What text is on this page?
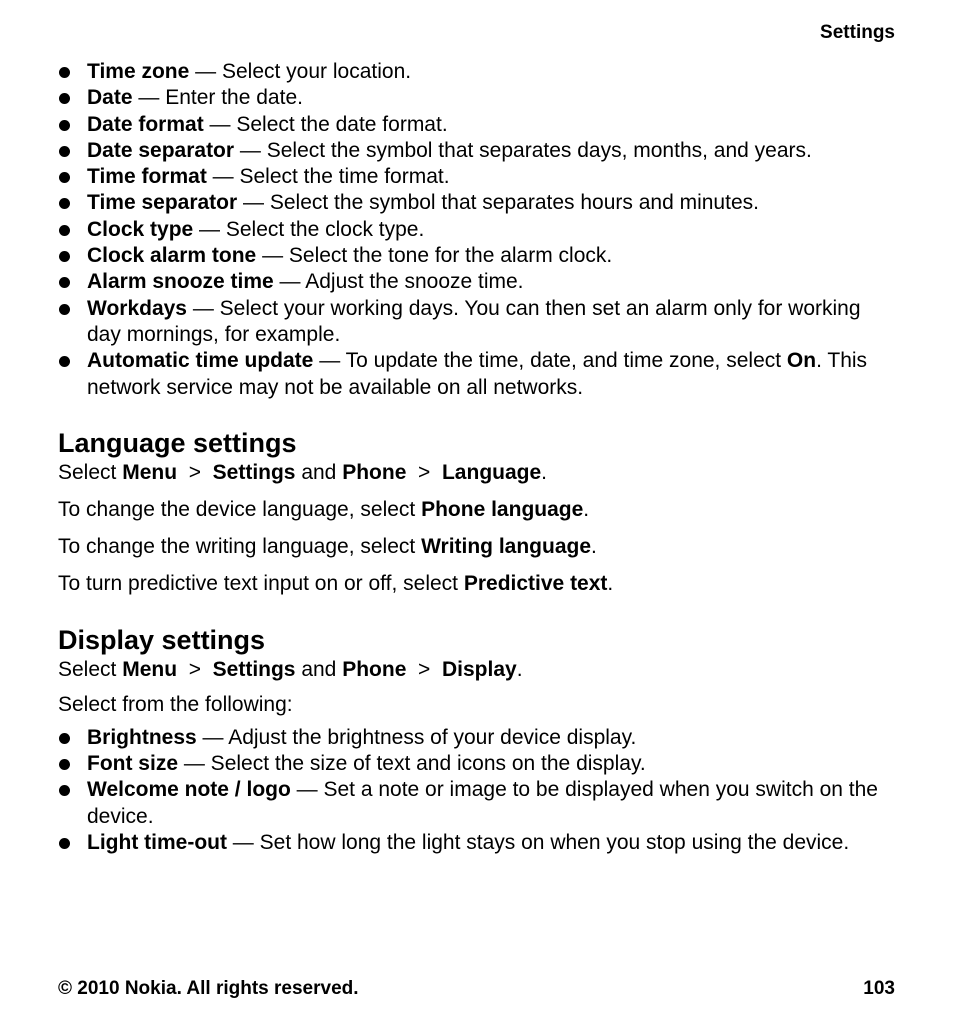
Settings
Time zone — Select your location.
Date — Enter the date.
Date format — Select the date format.
Date separator — Select the symbol that separates days, months, and years.
Time format — Select the time format.
Time separator — Select the symbol that separates hours and minutes.
Clock type — Select the clock type.
Clock alarm tone — Select the tone for the alarm clock.
Alarm snooze time — Adjust the snooze time.
Workdays — Select your working days. You can then set an alarm only for working day mornings, for example.
Automatic time update — To update the time, date, and time zone, select On. This network service may not be available on all networks.
Language settings

Select Menu  >  Settings and Phone  >  Language.

To change the device language, select Phone language.

To change the writing language, select Writing language.

To turn predictive text input on or off, select Predictive text.

Display settings

Select Menu  >  Settings and Phone  >  Display.

Select from the following:

Brightness — Adjust the brightness of your device display.
Font size — Select the size of text and icons on the display.
Welcome note / logo — Set a note or image to be displayed when you switch on the device.
Light time-out — Set how long the light stays on when you stop using the device.
© 2010 Nokia. All rights reserved.	103
